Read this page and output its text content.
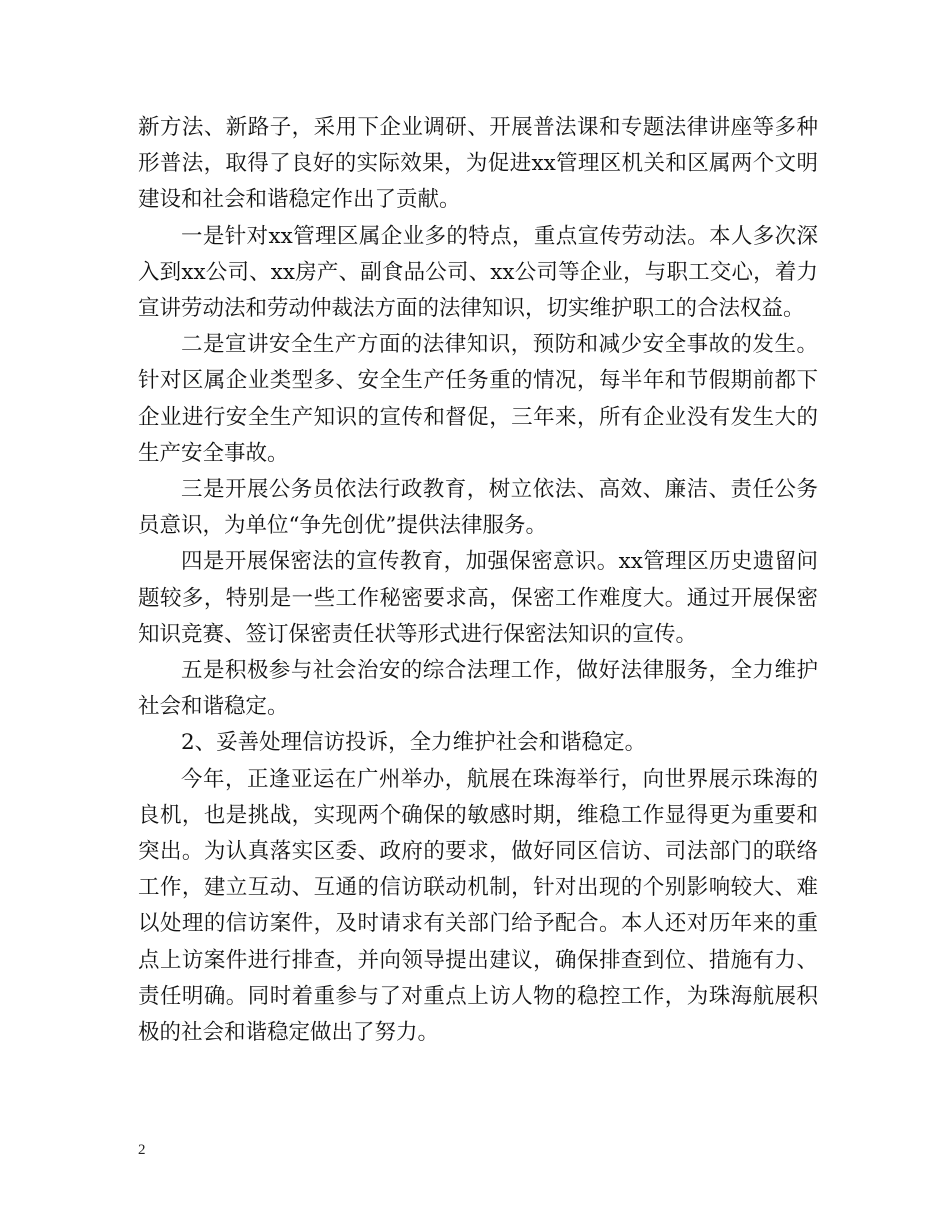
新方法、新路子，采用下企业调研、开展普法课和专题法律讲座等多种形普法，取得了良好的实际效果，为促进xx管理区机关和区属两个文明建设和社会和谐稳定作出了贡献。

一是针对xx管理区属企业多的特点，重点宣传劳动法。本人多次深入到xx公司、xx房产、副食品公司、xx公司等企业，与职工交心，着力宣讲劳动法和劳动仲裁法方面的法律知识，切实维护职工的合法权益。

二是宣讲安全生产方面的法律知识，预防和减少安全事故的发生。针对区属企业类型多、安全生产任务重的情况，每半年和节假期前都下企业进行安全生产知识的宣传和督促，三年来，所有企业没有发生大的生产安全事故。

三是开展公务员依法行政教育，树立依法、高效、廉洁、责任公务员意识，为单位“争先创优”提供法律服务。

四是开展保密法的宣传教育，加强保密意识。xx管理区历史遗留问题较多，特别是一些工作秘密要求高，保密工作难度大。通过开展保密知识竞赛、签订保密责任状等形式进行保密法知识的宣传。

五是积极参与社会治安的综合法理工作，做好法律服务，全力维护社会和谐稳定。

2、妥善处理信访投诉，全力维护社会和谐稳定。

今年，正逢亚运在广州举办，航展在珠海举行，向世界展示珠海的良机，也是挑战，实现两个确保的敏感时期，维稳工作显得更为重要和突出。为认真落实区委、政府的要求，做好同区信访、司法部门的联络工作，建立互动、互通的信访联动机制，针对出现的个别影响较大、难以处理的信访案件，及时请求有关部门给予配合。本人还对历年来的重点上访案件进行排查，并向领导提出建议，确保排查到位、措施有力、责任明确。同时着重参与了对重点上访人物的稳控工作，为珠海航展积极的社会和谐稳定做出了努力。

2
